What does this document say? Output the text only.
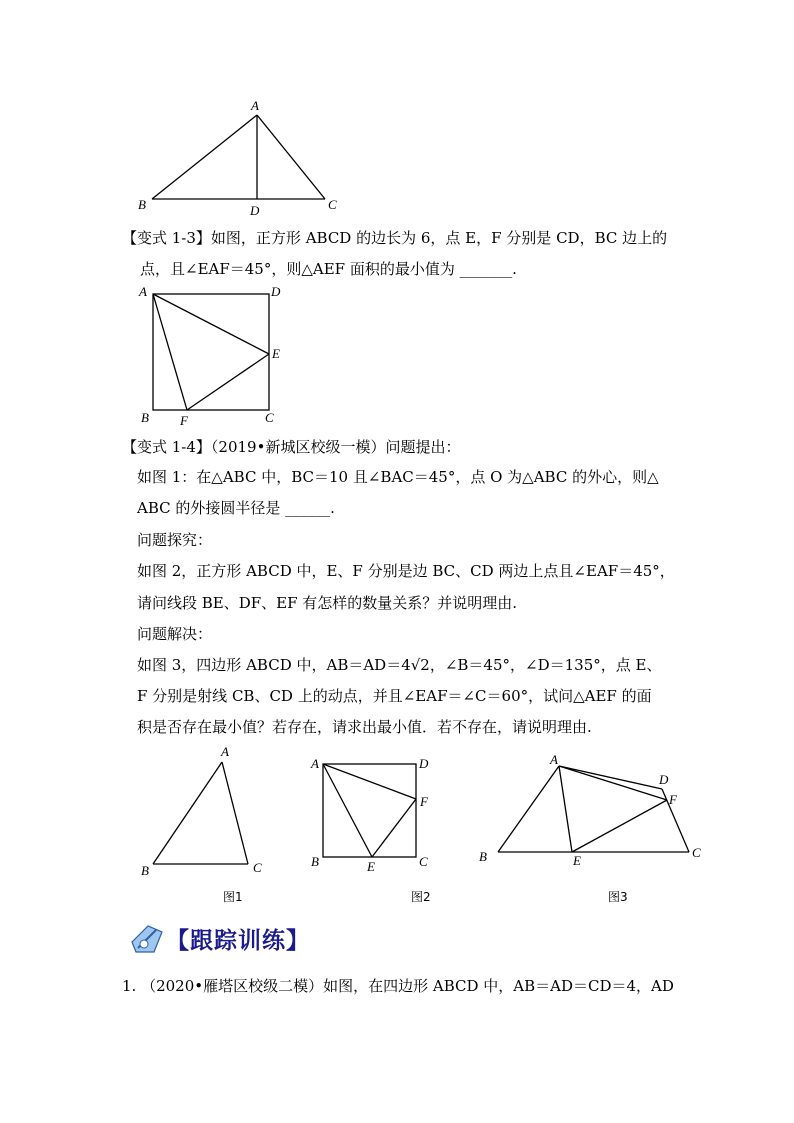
A
B	C
D
【变式 1-3】如图，正方形 ABCD 的边长为 6，点 E，F 分别是 CD，BC 边上的
点，且∠EAF＝45°，则△AEF 面积的最小值为 _______.
A	D
E
B F	C
【变式 1-4】（2019•新城区校级一模）问题提出：
如图 1：在△ABC 中，BC＝10 且∠BAC＝45°，点 O 为△ABC 的外心，则△
ABC 的外接圆半径是 ______.
问题探究：
如图 2，正方形 ABCD 中，E、F 分别是边 BC、CD 两边上点且∠EAF＝45°，
请问线段 BE、DF、EF 有怎样的数量关系？并说明理由.
问题解决：
如图 3，四边形 ABCD 中，AB＝AD＝4√2，∠B＝45°，∠D＝135°，点 E、
F 分别是射线 CB、CD 上的动点，并且∠EAF＝∠C＝60°，试问△AEF 的面
积是否存在最小值？若存在，请求出最小值．若不存在，请说明理由.
A
B	C
图1
A	D
F
B	E	C
图2
A
D
F
B	E
C
图3
【跟踪训练】
1. （2020•雁塔区校级二模）如图，在四边形 ABCD 中，AB＝AD＝CD＝4，AD
